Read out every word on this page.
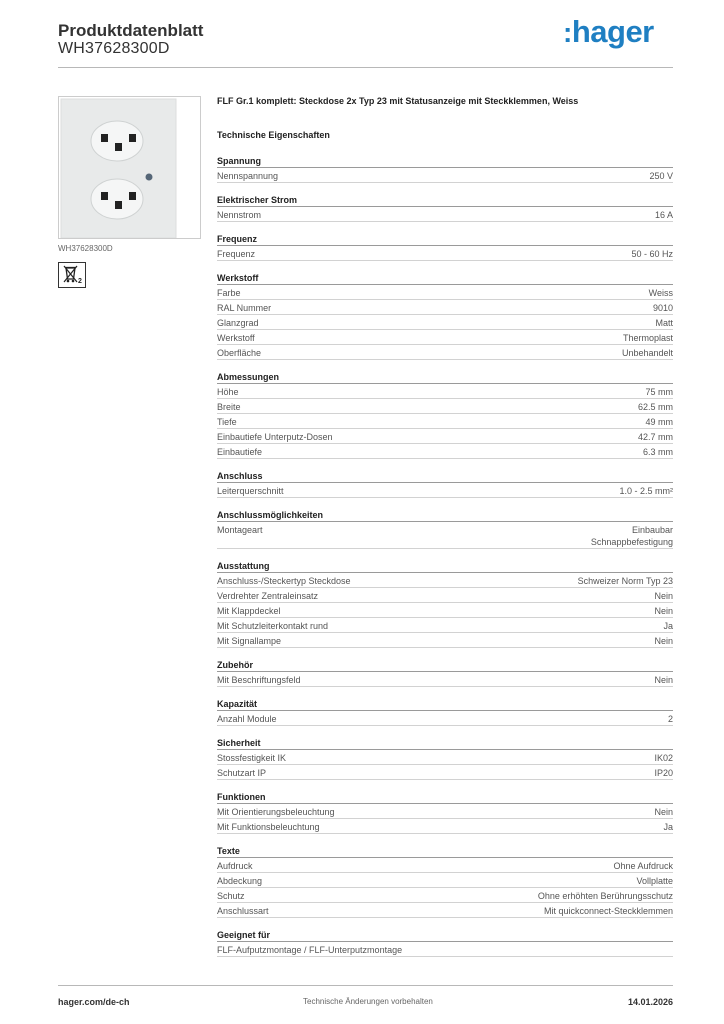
Produktdatenblatt
WH37628300D
:hager
WH37628300D
2
FLF Gr.1 komplett: Steckdose 2x Typ 23 mit Statusanzeige mit Steckklemmen, Weiss
Technische Eigenschaften
Spannung
Nennspannung	250 V
Elektrischer Strom
Nennstrom	16 A
Frequenz
Frequenz	50 - 60 Hz
Werkstoff
Farbe	Weiss
RAL Nummer	9010
Glanzgrad	Matt
Werkstoff	Thermoplast
Oberfläche	Unbehandelt
Abmessungen
Höhe	75 mm
Breite	62.5 mm
Tiefe	49 mm
Einbautiefe Unterputz-Dosen	42.7 mm
Einbautiefe	6.3 mm
Anschluss
Leiterquerschnitt	1.0 - 2.5 mm²
Anschlussmöglichkeiten
Montageart	Einbaubar
Schnappbefestigung
Ausstattung
Anschluss-/Steckertyp Steckdose	Schweizer Norm Typ 23
Verdrehter Zentraleinsatz	Nein
Mit Klappdeckel	Nein
Mit Schutzleiterkontakt rund	Ja
Mit Signallampe	Nein
Zubehör
Mit Beschriftungsfeld	Nein
Kapazität
Anzahl Module	2
Sicherheit
Stossfestigkeit IK	IK02
Schutzart IP	IP20
Funktionen
Mit Orientierungsbeleuchtung	Nein
Mit Funktionsbeleuchtung	Ja
Texte
Aufdruck	Ohne Aufdruck
Abdeckung	Vollplatte
Schutz	Ohne erhöhten Berührungsschutz
Anschlussart	Mit quickconnect-Steckklemmen
Geeignet für
FLF-Aufputzmontage / FLF-Unterputzmontage
hager.com/de-ch	Technische Änderungen vorbehalten	14.01.2026
